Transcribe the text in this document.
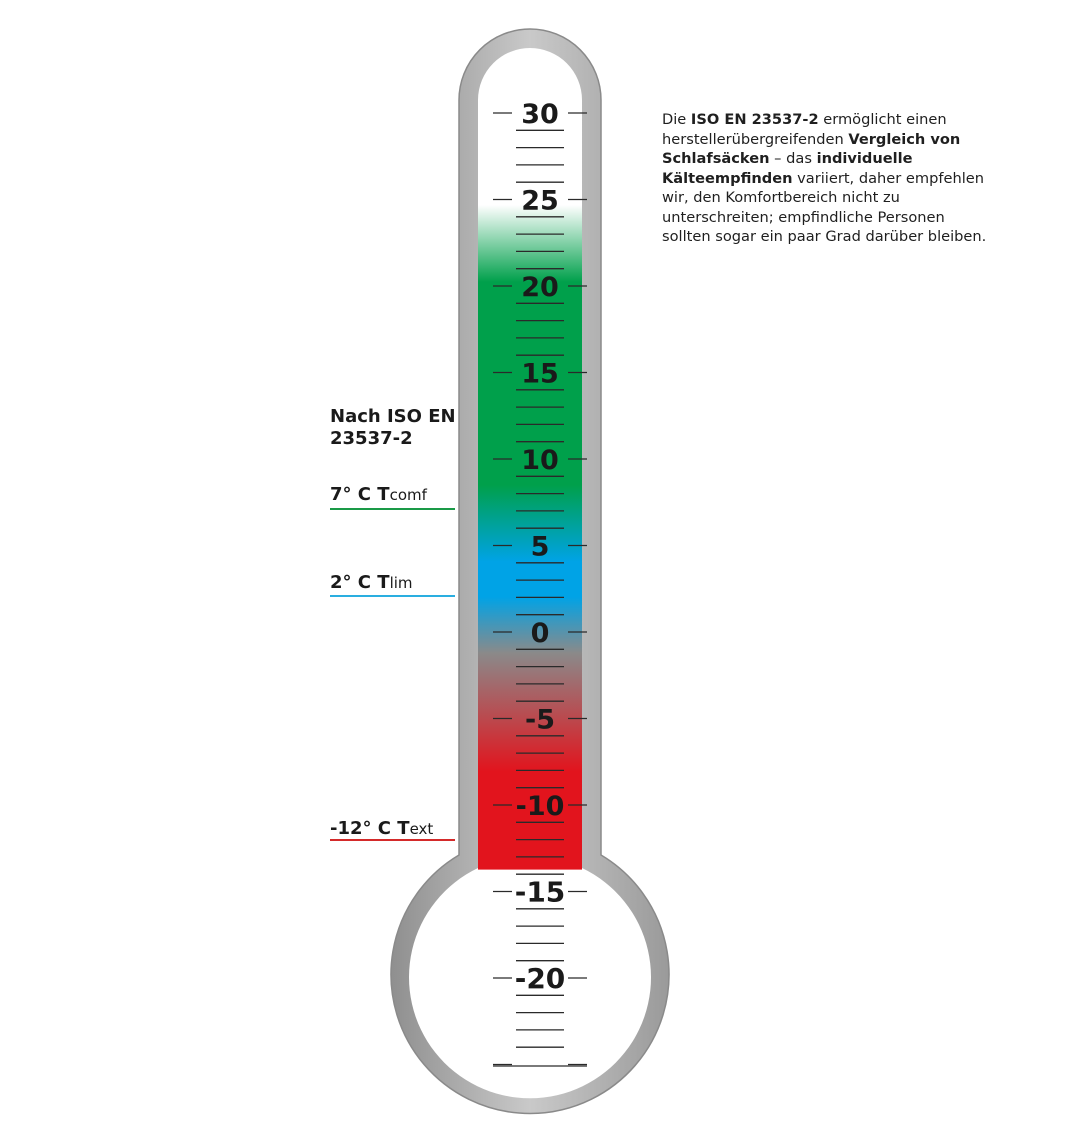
30
25
20
15
10
5
0
-5
-10
-15
-20
Die ISO EN 23537-2 ermöglicht einen herstellerübergreifenden Vergleich von Schlafsäcken – das individuelle Kälteempfinden variiert, daher empfehlen wir, den Komfortbereich nicht zu unterschreiten; empfindliche Personen sollten sogar ein paar Grad darüber bleiben.
Nach ISO EN 23537-2
7° C Tcomf
2° C Tlim
-12° C Text
